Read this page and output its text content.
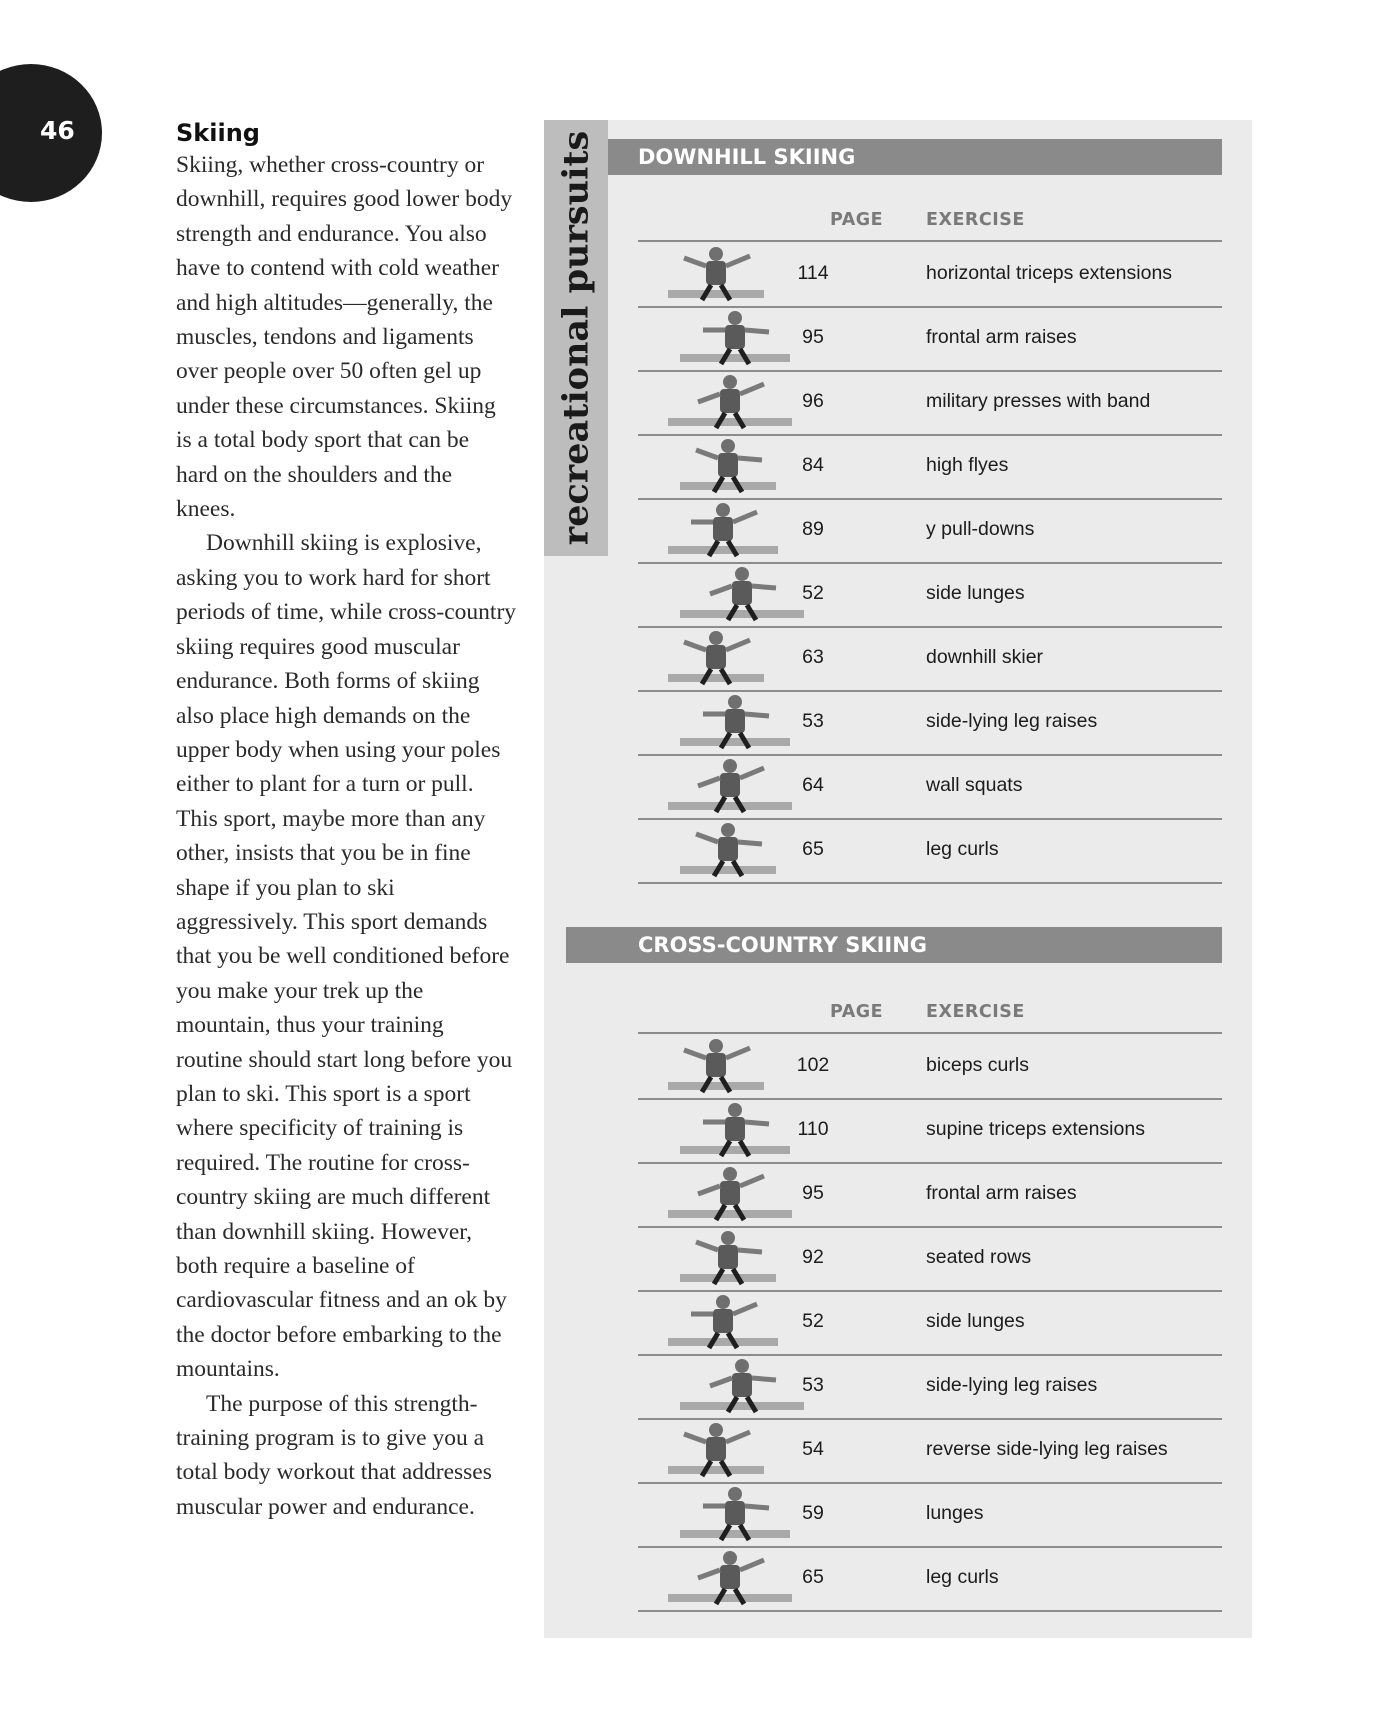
46	Skiing

Skiing, whether cross-country or downhill, requires good lower body strength and endurance. You also have to contend with cold weather and high altitudes—generally, the muscles, tendons and ligaments over people over 50 often gel up under these circumstances. Skiing is a total body sport that can be hard on the shoulders and the knees.

Downhill skiing is explosive, asking you to work hard for short periods of time, while cross-country skiing requires good muscular endurance. Both forms of skiing also place high demands on the upper body when using your poles either to plant for a turn or pull. This sport, maybe more than any other, insists that you be in fine shape if you plan to ski aggressively. This sport demands that you be well conditioned before you make your trek up the mountain, thus your training routine should start long before you plan to ski. This sport is a sport where specificity of training is required. The routine for cross-country skiing are much different than downhill skiing. However, both require a baseline of cardiovascular fitness and an ok by the doctor before embarking to the mountains.

The purpose of this strength-training program is to give you a total body workout that addresses muscular power and endurance.

recreational pursuits DOWNHILL SKIING
PAGE EXERCISE
114	horizontal triceps extensions
95	frontal arm raises
96	military presses with band
84	high flyes
89	y pull-downs
52	side lunges
63	downhill skier
53	side-lying leg raises
64	wall squats
65	leg curls
CROSS-COUNTRY SKIING
PAGE EXERCISE
102	biceps curls
110	supine triceps extensions
95	frontal arm raises
92	seated rows
52	side lunges
53	side-lying leg raises
54	reverse side-lying leg raises
59	lunges
65	leg curls
